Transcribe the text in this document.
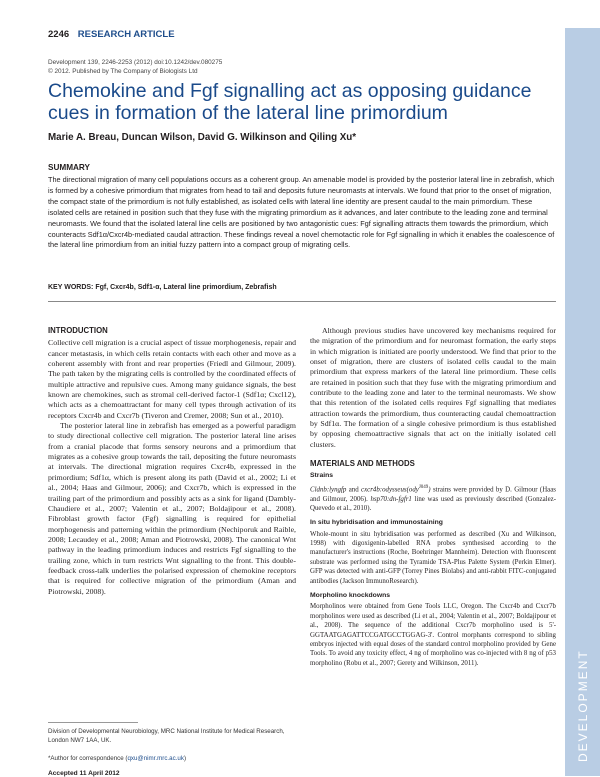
2246 RESEARCH ARTICLE
Development 139, 2246-2253 (2012) doi:10.1242/dev.080275
© 2012. Published by The Company of Biologists Ltd
Chemokine and Fgf signalling act as opposing guidance cues in formation of the lateral line primordium
Marie A. Breau, Duncan Wilson, David G. Wilkinson and Qiling Xu*
SUMMARY
The directional migration of many cell populations occurs as a coherent group. An amenable model is provided by the posterior lateral line in zebrafish, which is formed by a cohesive primordium that migrates from head to tail and deposits future neuromasts at intervals. We found that prior to the onset of migration, the compact state of the primordium is not fully established, as isolated cells with lateral line identity are present caudal to the main primordium. These isolated cells are retained in position such that they fuse with the migrating primordium as it advances, and later contribute to the leading zone and terminal neuromasts. We found that the isolated lateral line cells are positioned by two antagonistic cues: Fgf signalling attracts them towards the primordium, which counteracts Sdf1α/Cxcr4b-mediated caudal attraction. These findings reveal a novel chemotactic role for Fgf signalling in which it enables the coalescence of the lateral line primordium from an initial fuzzy pattern into a compact group of migrating cells.
KEY WORDS: Fgf, Cxcr4b, Sdf1-α, Lateral line primordium, Zebrafish
INTRODUCTION

Collective cell migration is a crucial aspect of tissue morphogenesis, repair and cancer metastasis, in which cells retain contacts with each other and move as a coherent assembly with front and rear properties (Friedl and Gilmour, 2009). The path taken by the migrating cells is controlled by the coordinated effects of multiple attractive and repulsive cues. Among many guidance signals, the best known are chemokines, such as stromal cell-derived factor-1 (Sdf1α; Cxcl12), which acts as a chemoattractant for many cell types through activation of its receptors Cxcr4b and Cxcr7b (Tiveron and Cremer, 2008; Sun et al., 2010).

The posterior lateral line in zebrafish has emerged as a powerful paradigm to study directional collective cell migration. The posterior lateral line arises from a cranial placode that forms sensory neurons and a primordium that migrates as a cohesive group towards the tail, depositing the future neuromasts at intervals. The directional migration requires Cxcr4b, expressed in the primordium; Sdf1α, which is present along its path (David et al., 2002; Li et al., 2004; Haas and Gilmour, 2006); and Cxcr7b, which is expressed in the trailing part of the primordium and possibly acts as a sink for ligand (Dambly-Chaudiere et al., 2007; Valentin et al., 2007; Boldajipour et al., 2008). Fibroblast growth factor (Fgf) signalling is required for epithelial morphogenesis and patterning within the primordium (Nechiporuk and Raible, 2008; Lecaudey et al., 2008; Aman and Piotrowski, 2008). The canonical Wnt pathway in the leading primordium induces and restricts Fgf signalling to the trailing zone, which in turn restricts Wnt signalling to the front. This double-feedback cross-talk underlies the polarised expression of chemokine receptors that is required for collective migration of the primordium (Aman and Piotrowski, 2008).

Although previous studies have uncovered key mechanisms required for the migration of the primordium and for neuromast formation, the early steps in which migration is initiated are poorly understood. We find that prior to the onset of migration, there are clusters of isolated cells caudal to the main primordium that express markers of the lateral line primordium. These cells are retained in position such that they fuse with the migrating primordium and contribute to the leading zone and later to the terminal neuromasts. We show that this retention of the isolated cells requires Fgf signalling that mediates attraction towards the primordium, thus counteracting caudal chemoattraction by Sdf1α. The formation of a single cohesive primordium is thus established by opposing chemoattractive signals that act on the initially isolated cell clusters.

MATERIALS AND METHODS
Strains

Cldnb:lyngfp and cxcr4b:odysseus(ody$^{J049}$) strains were provided by D. Gilmour (Haas and Gilmour, 2006). hsp70:dn-fgfr1 line was used as previously described (Gonzalez-Quevedo et al., 2010).

In situ hybridisation and immunostaining

Whole-mount in situ hybridisation was performed as described (Xu and Wilkinson, 1998) with digoxigenin-labelled RNA probes synthesised according to the manufacturer's instructions (Roche, Boehringer Mannheim). Detection with fluorescent substrate was performed using the Tyramide TSA-Plus Palette System (Perkin Elmer). GFP was detected with anti-GFP (Torrey Pines Biolabs) and anti-rabbit FITC-conjugated antibodies (Jackson ImmunoResearch).

Morpholino knockdowns

Morpholinos were obtained from Gene Tools LLC, Oregon. The Cxcr4b and Cxcr7b morpholinos were used as described (Li et al., 2004; Valentin et al., 2007; Boldajipour et al., 2008). The sequence of the additional Cxcr7b morpholino used is 5'-GGTAATGAGATTCCGATGCCTGGAG-3'. Control morphants correspond to sibling embryos injected with equal doses of the standard control morpholino provided by Gene Tools. To avoid any toxicity effect, 4 ng of morpholino was co-injected with 8 ng of p53 morpholino (Robu et al., 2007; Gerety and Wilkinson, 2011).

Division of Developmental Neurobiology, MRC National Institute for Medical Research, London NW7 1AA, UK.
*Author for correspondence (qxu@nimr.mrc.ac.uk)
Accepted 11 April 2012
DEVELOPMENT
